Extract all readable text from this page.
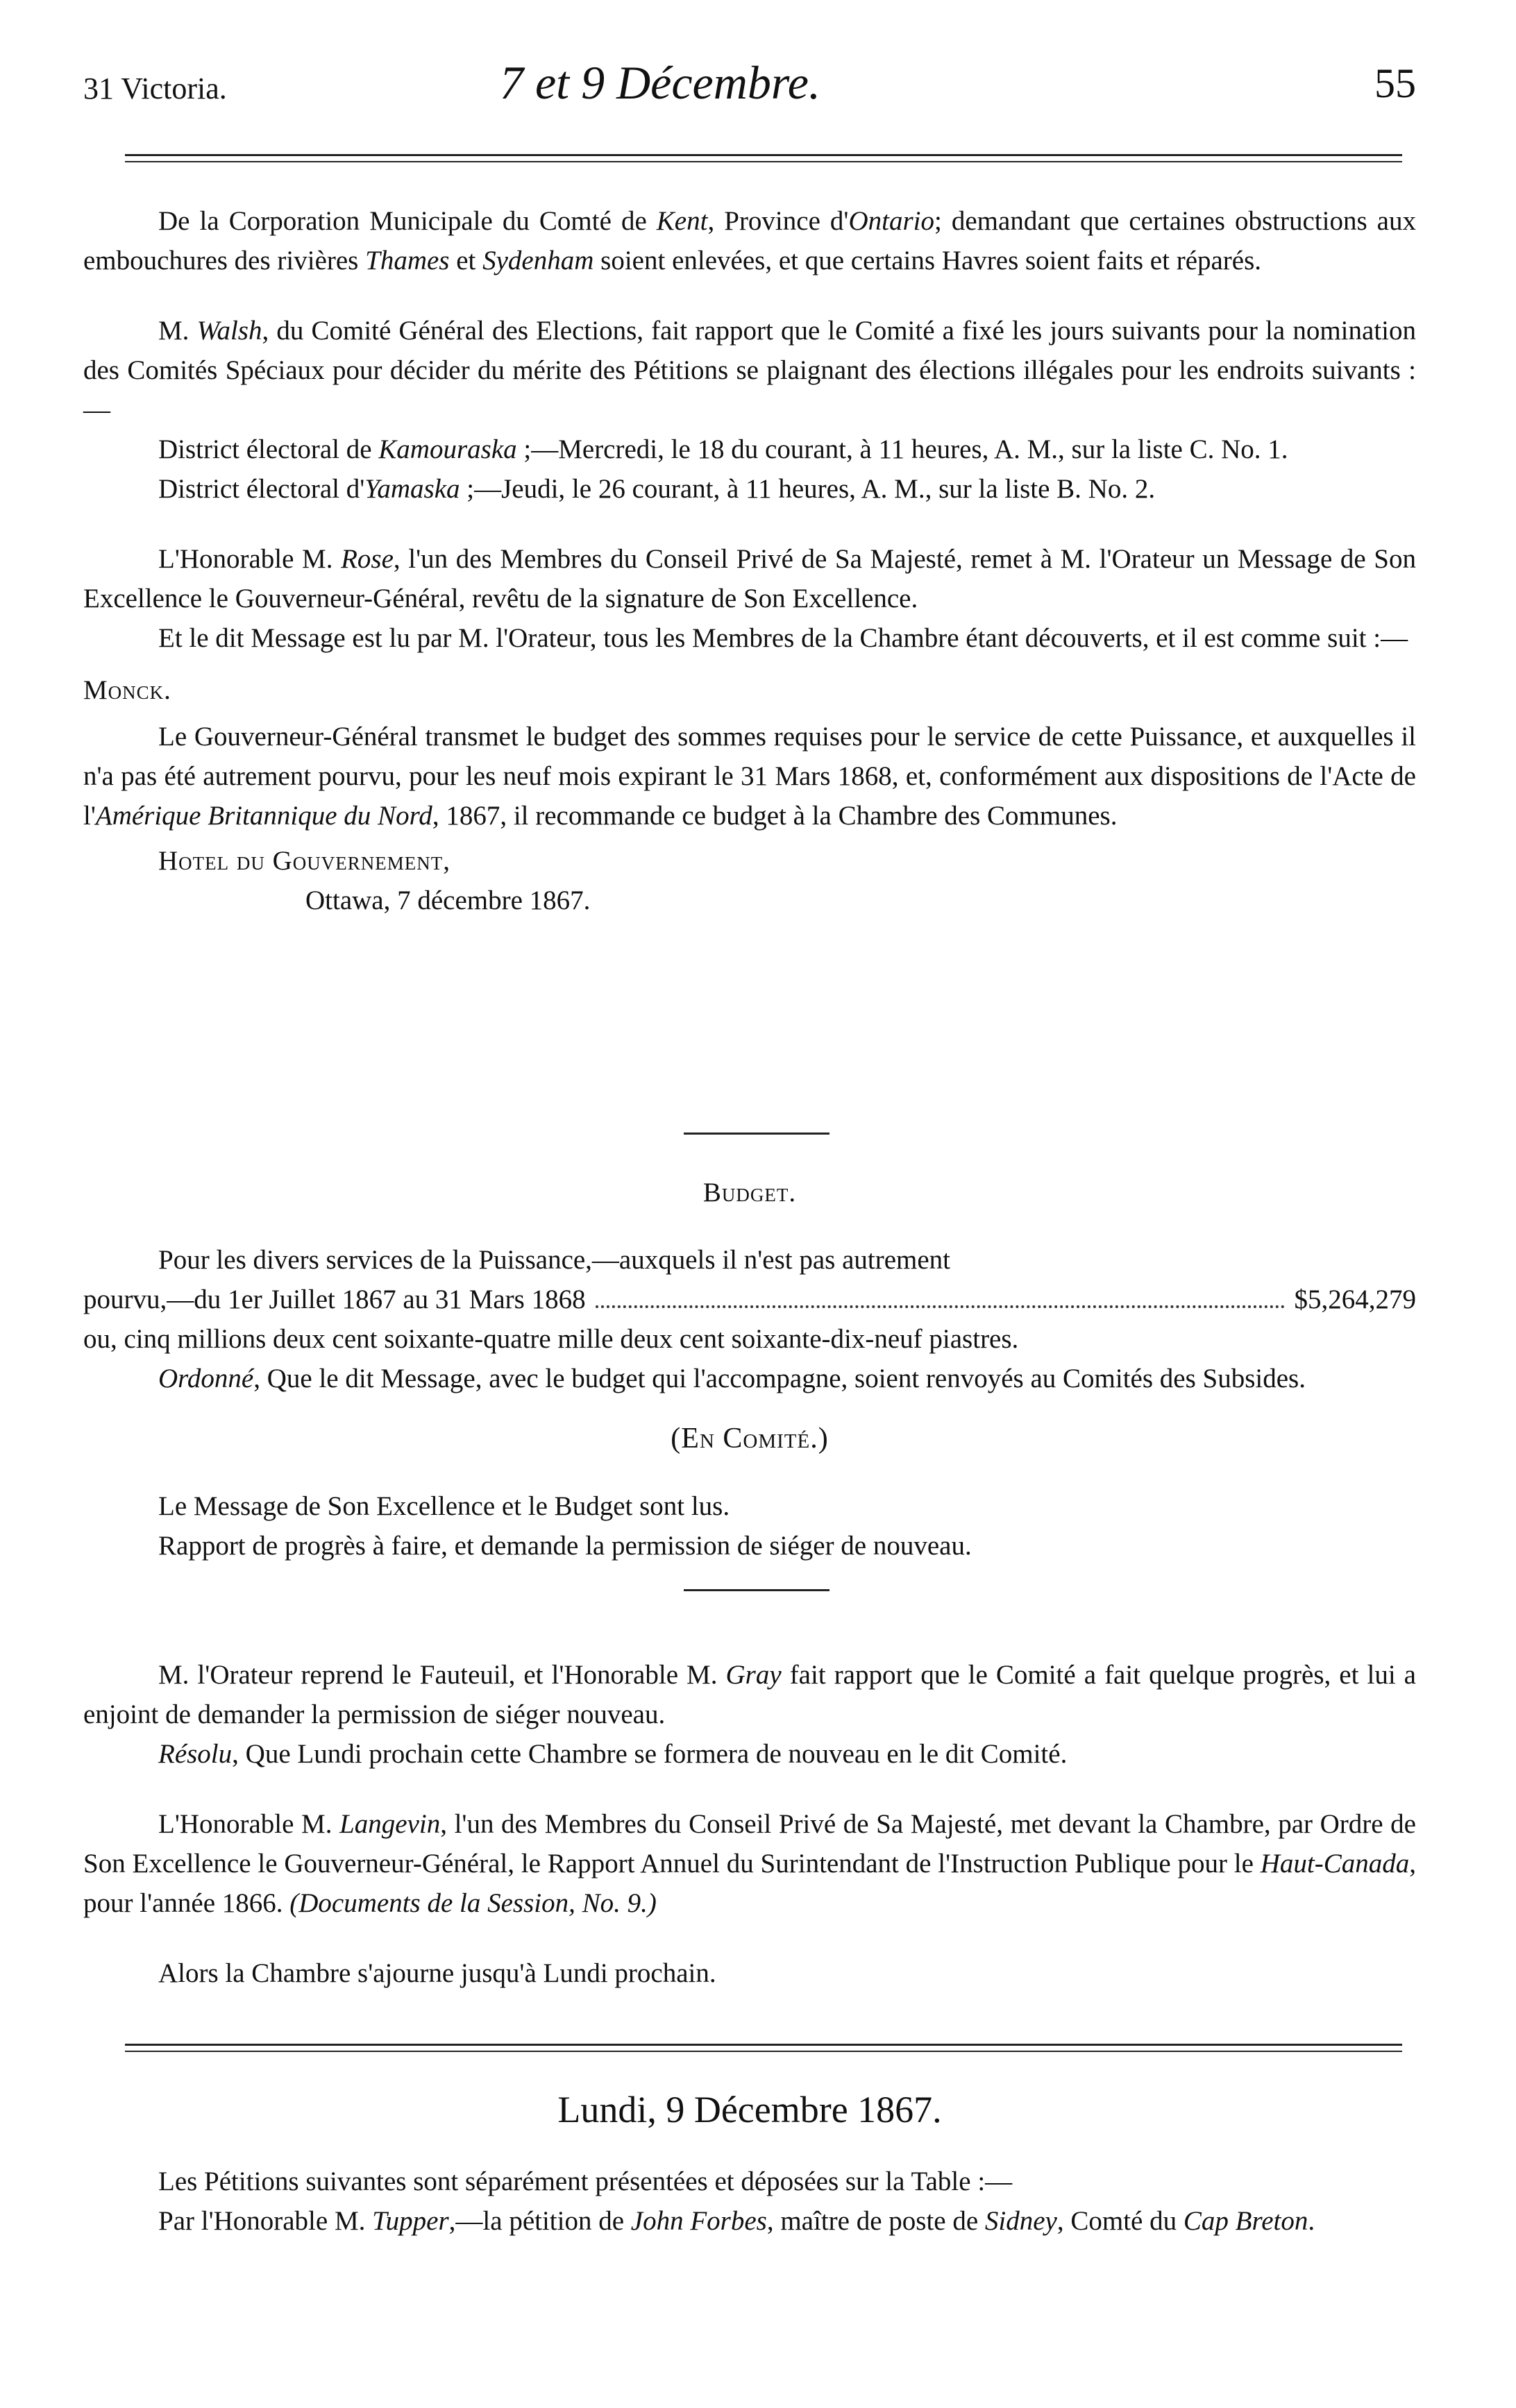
31 Victoria.	7 et 9 Décembre.	55

De la Corporation Municipale du Comté de Kent, Province d'Ontario; demandant que certaines obstructions aux embouchures des rivières Thames et Sydenham soient enlevées, et que certains Havres soient faits et réparés.

M. Walsh, du Comité Général des Elections, fait rapport que le Comité a fixé les jours suivants pour la nomination des Comités Spéciaux pour décider du mérite des Pétitions se plaignant des élections illégales pour les endroits suivants :—

District électoral de Kamouraska ;—Mercredi, le 18 du courant, à 11 heures, A. M., sur la liste C. No. 1.

District électoral d'Yamaska ;—Jeudi, le 26 courant, à 11 heures, A. M., sur la liste B. No. 2.

L'Honorable M. Rose, l'un des Membres du Conseil Privé de Sa Majesté, remet à M. l'Orateur un Message de Son Excellence le Gouverneur-Général, revêtu de la signature de Son Excellence.

Et le dit Message est lu par M. l'Orateur, tous les Membres de la Chambre étant découverts, et il est comme suit :—

Monck.

Le Gouverneur-Général transmet le budget des sommes requises pour le service de cette Puissance, et auxquelles il n'a pas été autrement pourvu, pour les neuf mois expirant le 31 Mars 1868, et, conformément aux dispositions de l'Acte de l'Amérique Britannique du Nord, 1867, il recommande ce budget à la Chambre des Communes.

Hotel du Gouvernement,

Ottawa, 7 décembre 1867.

Budget.

Pour les divers services de la Puissance,—auxquels il n'est pas autrement

pourvu,—du 1er Juillet 1867 au 31 Mars 1868	$5,264,279

ou, cinq millions deux cent soixante-quatre mille deux cent soixante-dix-neuf piastres.

Ordonné, Que le dit Message, avec le budget qui l'accompagne, soient renvoyés au Comités des Subsides.

(En Comité.)

Le Message de Son Excellence et le Budget sont lus.

Rapport de progrès à faire, et demande la permission de siéger de nouveau.

M. l'Orateur reprend le Fauteuil, et l'Honorable M. Gray fait rapport que le Comité a fait quelque progrès, et lui a enjoint de demander la permission de siéger nouveau.

Résolu, Que Lundi prochain cette Chambre se formera de nouveau en le dit Comité.

L'Honorable M. Langevin, l'un des Membres du Conseil Privé de Sa Majesté, met devant la Chambre, par Ordre de Son Excellence le Gouverneur-Général, le Rapport Annuel du Surintendant de l'Instruction Publique pour le Haut-Canada, pour l'année 1866. (Documents de la Session, No. 9.)

Alors la Chambre s'ajourne jusqu'à Lundi prochain.

Lundi, 9 Décembre 1867.

Les Pétitions suivantes sont séparément présentées et déposées sur la Table :—

Par l'Honorable M. Tupper,—la pétition de John Forbes, maître de poste de Sidney, Comté du Cap Breton.
